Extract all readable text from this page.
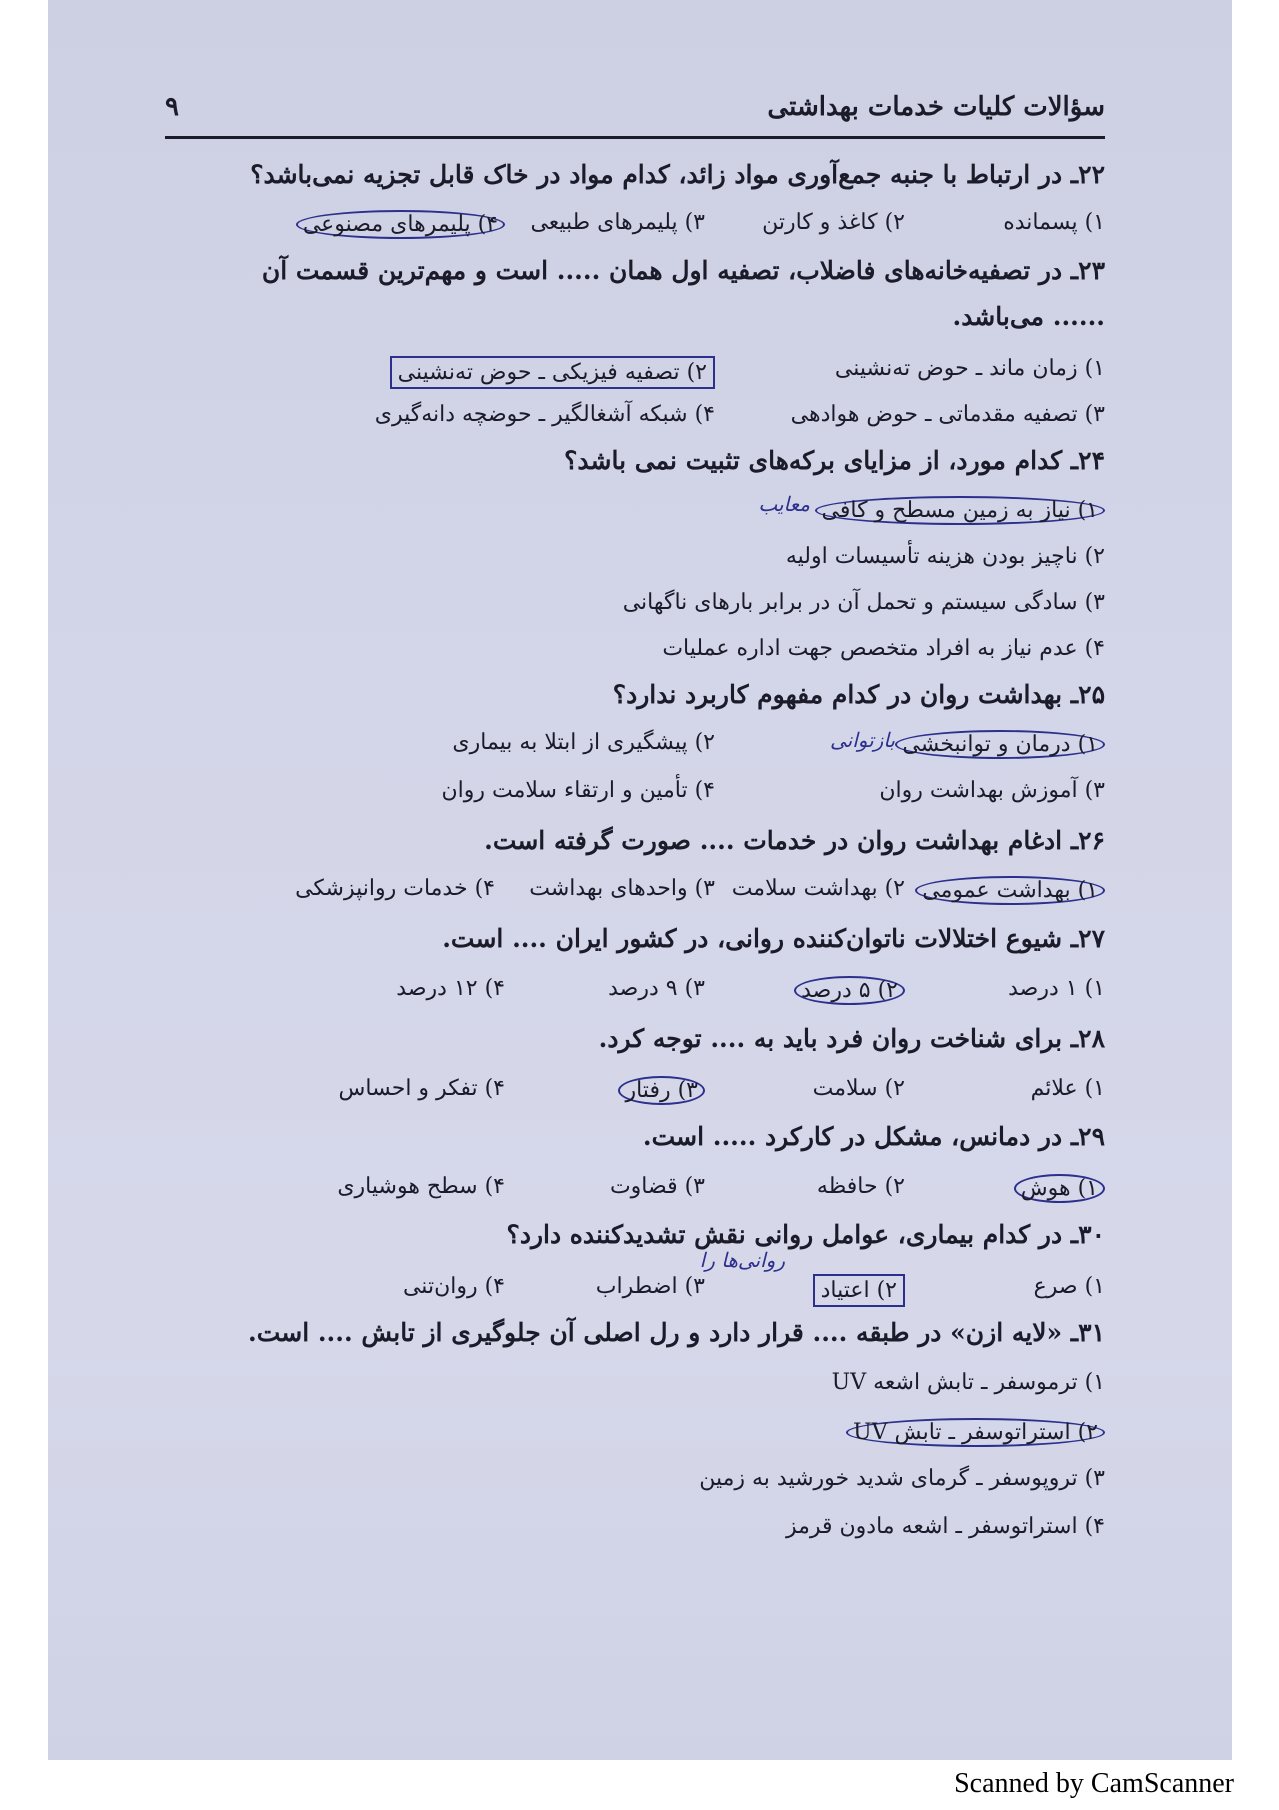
سؤالات کلیات خدمات بهداشتی
۹
۲۲ـ در ارتباط با جنبه جمع‌آوری مواد زائد، کدام مواد در خاک قابل تجزیه نمی‌باشد؟
۱) پسمانده
۲) کاغذ و کارتن
۳) پلیمرهای طبیعی
۴) پلیمرهای مصنوعی
۲۳ـ در تصفیه‌خانه‌های فاضلاب، تصفیه اول همان ..... است و مهم‌ترین قسمت آن
...... می‌باشد.
۱) زمان ماند ـ حوض ته‌نشینی
۲) تصفیه فیزیکی ـ حوض ته‌نشینی
۳) تصفیه مقدماتی ـ حوض هوادهی
۴) شبکه آشغالگیر ـ حوضچه دانه‌گیری
۲۴ـ کدام مورد، از مزایای برکه‌های تثبیت نمی باشد؟
۱) نیاز به زمین مسطح و کافی
معایب
۲) ناچیز بودن هزینه تأسیسات اولیه
۳) سادگی سیستم و تحمل آن در برابر بارهای ناگهانی
۴) عدم نیاز به افراد متخصص جهت اداره عملیات
۲۵ـ بهداشت روان در کدام مفهوم کاربرد ندارد؟
۱) درمان و توانبخشی
۲) پیشگیری از ابتلا به بیماری	بازتوانی
۳) آموزش بهداشت روان
۴) تأمین و ارتقاء سلامت روان
۲۶ـ ادغام بهداشت روان در خدمات .... صورت گرفته است.
۱) بهداشت عمومی
۲) بهداشت سلامت
۳) واحدهای بهداشت
۴) خدمات روانپزشکی
۲۷ـ شیوع اختلالات ناتوان‌کننده روانی، در کشور ایران .... است.
۱) ۱ درصد
۲) ۵ درصد
۳) ۹ درصد
۴) ۱۲ درصد
۲۸ـ برای شناخت روان فرد باید به .... توجه کرد.
۱) علائم
۲) سلامت
۳) رفتار
۴) تفکر و احساس
۲۹ـ در دمانس، مشکل در کارکرد ..... است.
۱) هوش
۲) حافظه
۳) قضاوت
۴) سطح هوشیاری
۳۰ـ در کدام بیماری، عوامل روانی نقش تشدیدکننده دارد؟
۱) صرع
۲) اعتیاد
۳) اضطراب
۴) روان‌تنی
روانی‌ها را
۳۱ـ «لایه ازن» در طبقه .... قرار دارد و رل اصلی آن جلوگیری از تابش .... است.
۱) ترموسفر ـ تابش اشعه UV
۲) استراتوسفر ـ تابش UV
۳) تروپوسفر ـ گرمای شدید خورشید به زمین
۴) استراتوسفر ـ اشعه مادون قرمز
Scanned by CamScanner
